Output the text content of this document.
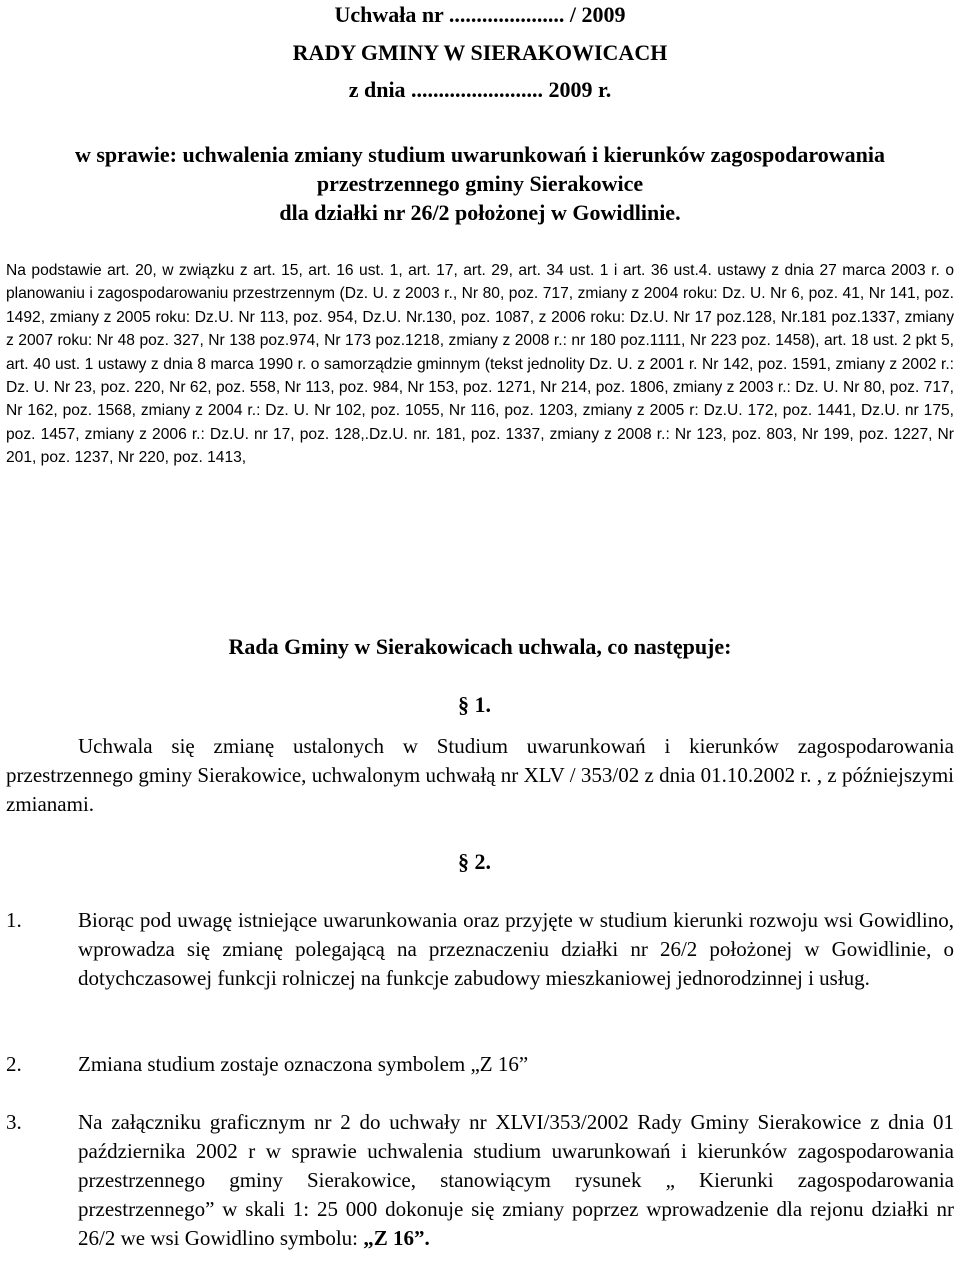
Uchwała nr ..................... / 2009

RADY GMINY W SIERAKOWICACH

z dnia ........................ 2009 r.

w sprawie: uchwalenia zmiany studium uwarunkowań i kierunków zagospodarowania

przestrzennego gminy Sierakowice

dla działki nr 26/2 położonej w Gowidlinie.

Na podstawie art. 20, w związku z art. 15, art. 16 ust. 1, art. 17, art. 29, art. 34 ust. 1 i art. 36 ust.4. ustawy z dnia 27 marca 2003 r. o planowaniu i zagospodarowaniu przestrzennym (Dz. U. z 2003 r., Nr 80, poz. 717, zmiany z 2004 roku: Dz. U. Nr 6, poz. 41, Nr 141, poz. 1492, zmiany z 2005 roku: Dz.U. Nr 113, poz. 954, Dz.U. Nr.130, poz. 1087, z 2006 roku: Dz.U. Nr 17 poz.128, Nr.181 poz.1337, zmiany z 2007 roku: Nr 48 poz. 327, Nr 138 poz.974, Nr 173 poz.1218, zmiany z 2008 r.: nr 180 poz.1111, Nr 223 poz. 1458), art. 18 ust. 2 pkt 5, art. 40 ust. 1 ustawy z dnia 8 marca 1990 r. o samorządzie gminnym (tekst jednolity Dz. U. z 2001 r. Nr 142, poz. 1591, zmiany z 2002 r.: Dz. U. Nr 23, poz. 220, Nr 62, poz. 558, Nr 113, poz. 984, Nr 153, poz. 1271, Nr 214, poz. 1806, zmiany z 2003 r.: Dz. U. Nr 80, poz. 717, Nr 162, poz. 1568, zmiany z 2004 r.: Dz. U. Nr 102, poz. 1055, Nr 116, poz. 1203, zmiany z 2005 r: Dz.U. 172, poz. 1441, Dz.U. nr 175, poz. 1457, zmiany z 2006 r.: Dz.U. nr 17, poz. 128,.Dz.U. nr. 181, poz. 1337, zmiany z 2008 r.: Nr 123, poz. 803, Nr 199, poz. 1227, Nr 201, poz. 1237, Nr 220, poz. 1413,

Rada Gminy w Sierakowicach uchwala, co następuje:

§ 1.

Uchwala się zmianę ustalonych w Studium uwarunkowań i kierunków zagospodarowania przestrzennego gminy Sierakowice, uchwalonym uchwałą nr XLV / 353/02 z dnia 01.10.2002 r. , z późniejszymi zmianami.

§ 2.

1.	Biorąc pod uwagę istniejące uwarunkowania oraz przyjęte w studium kierunki rozwoju wsi Gowidlino, wprowadza się zmianę polegającą na przeznaczeniu działki nr 26/2 położonej w Gowidlinie, o dotychczasowej funkcji rolniczej na funkcje zabudowy mieszkaniowej jednorodzinnej i usług.

2.	Zmiana studium zostaje oznaczona symbolem „Z 16”

3.	Na załączniku graficznym nr 2 do uchwały nr XLVI/353/2002 Rady Gminy Sierakowice z dnia 01 października 2002 r w sprawie uchwalenia studium uwarunkowań i kierunków zagospodarowania przestrzennego gminy Sierakowice, stanowiącym rysunek „ Kierunki zagospodarowania przestrzennego” w skali 1: 25 000 dokonuje się zmiany poprzez wprowadzenie dla rejonu działki nr 26/2 we wsi Gowidlino symbolu: „Z 16”.
